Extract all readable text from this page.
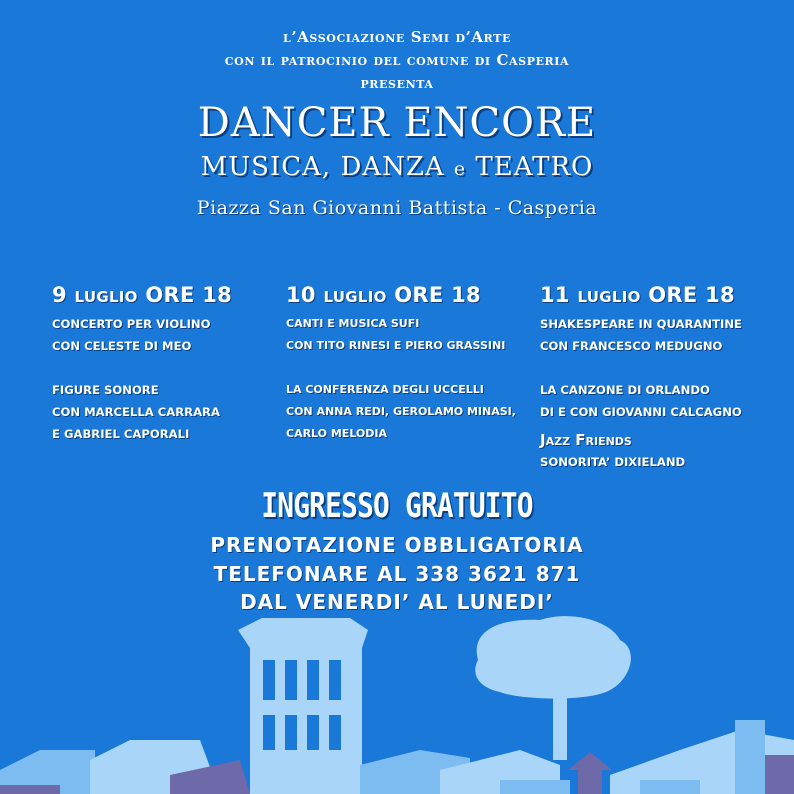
l’Associazione Semi d’Arte
con il patrocinio del comune di Casperia
presenta
DANCER ENCORE
MUSICA, DANZA e TEATRO
Piazza San Giovanni Battista - Casperia
9 LUGLIO ORE 18
CONCERTO PER VIOLINO
CON CELESTE DI MEO
FIGURE SONORE
CON MARCELLA CARRARA
E GABRIEL CAPORALI
10 LUGLIO ORE 18
CANTI E MUSICA SUFI
CON TITO RINESI E PIERO GRASSINI
LA CONFERENZA DEGLI UCCELLI
CON ANNA REDI, GEROLAMO MINASI,
CARLO MELODIA
11 LUGLIO ORE 18
SHAKESPEARE IN QUARANTINE
CON FRANCESCO MEDUGNO
LA CANZONE DI ORLANDO
DI E CON GIOVANNI CALCAGNO
Jazz Friends
SONORITA’ DIXIELAND
INGRESSO GRATUITO
PRENOTAZIONE OBBLIGATORIA
TELEFONARE AL 338 3621 871
DAL VENERDI’ AL LUNEDI’
